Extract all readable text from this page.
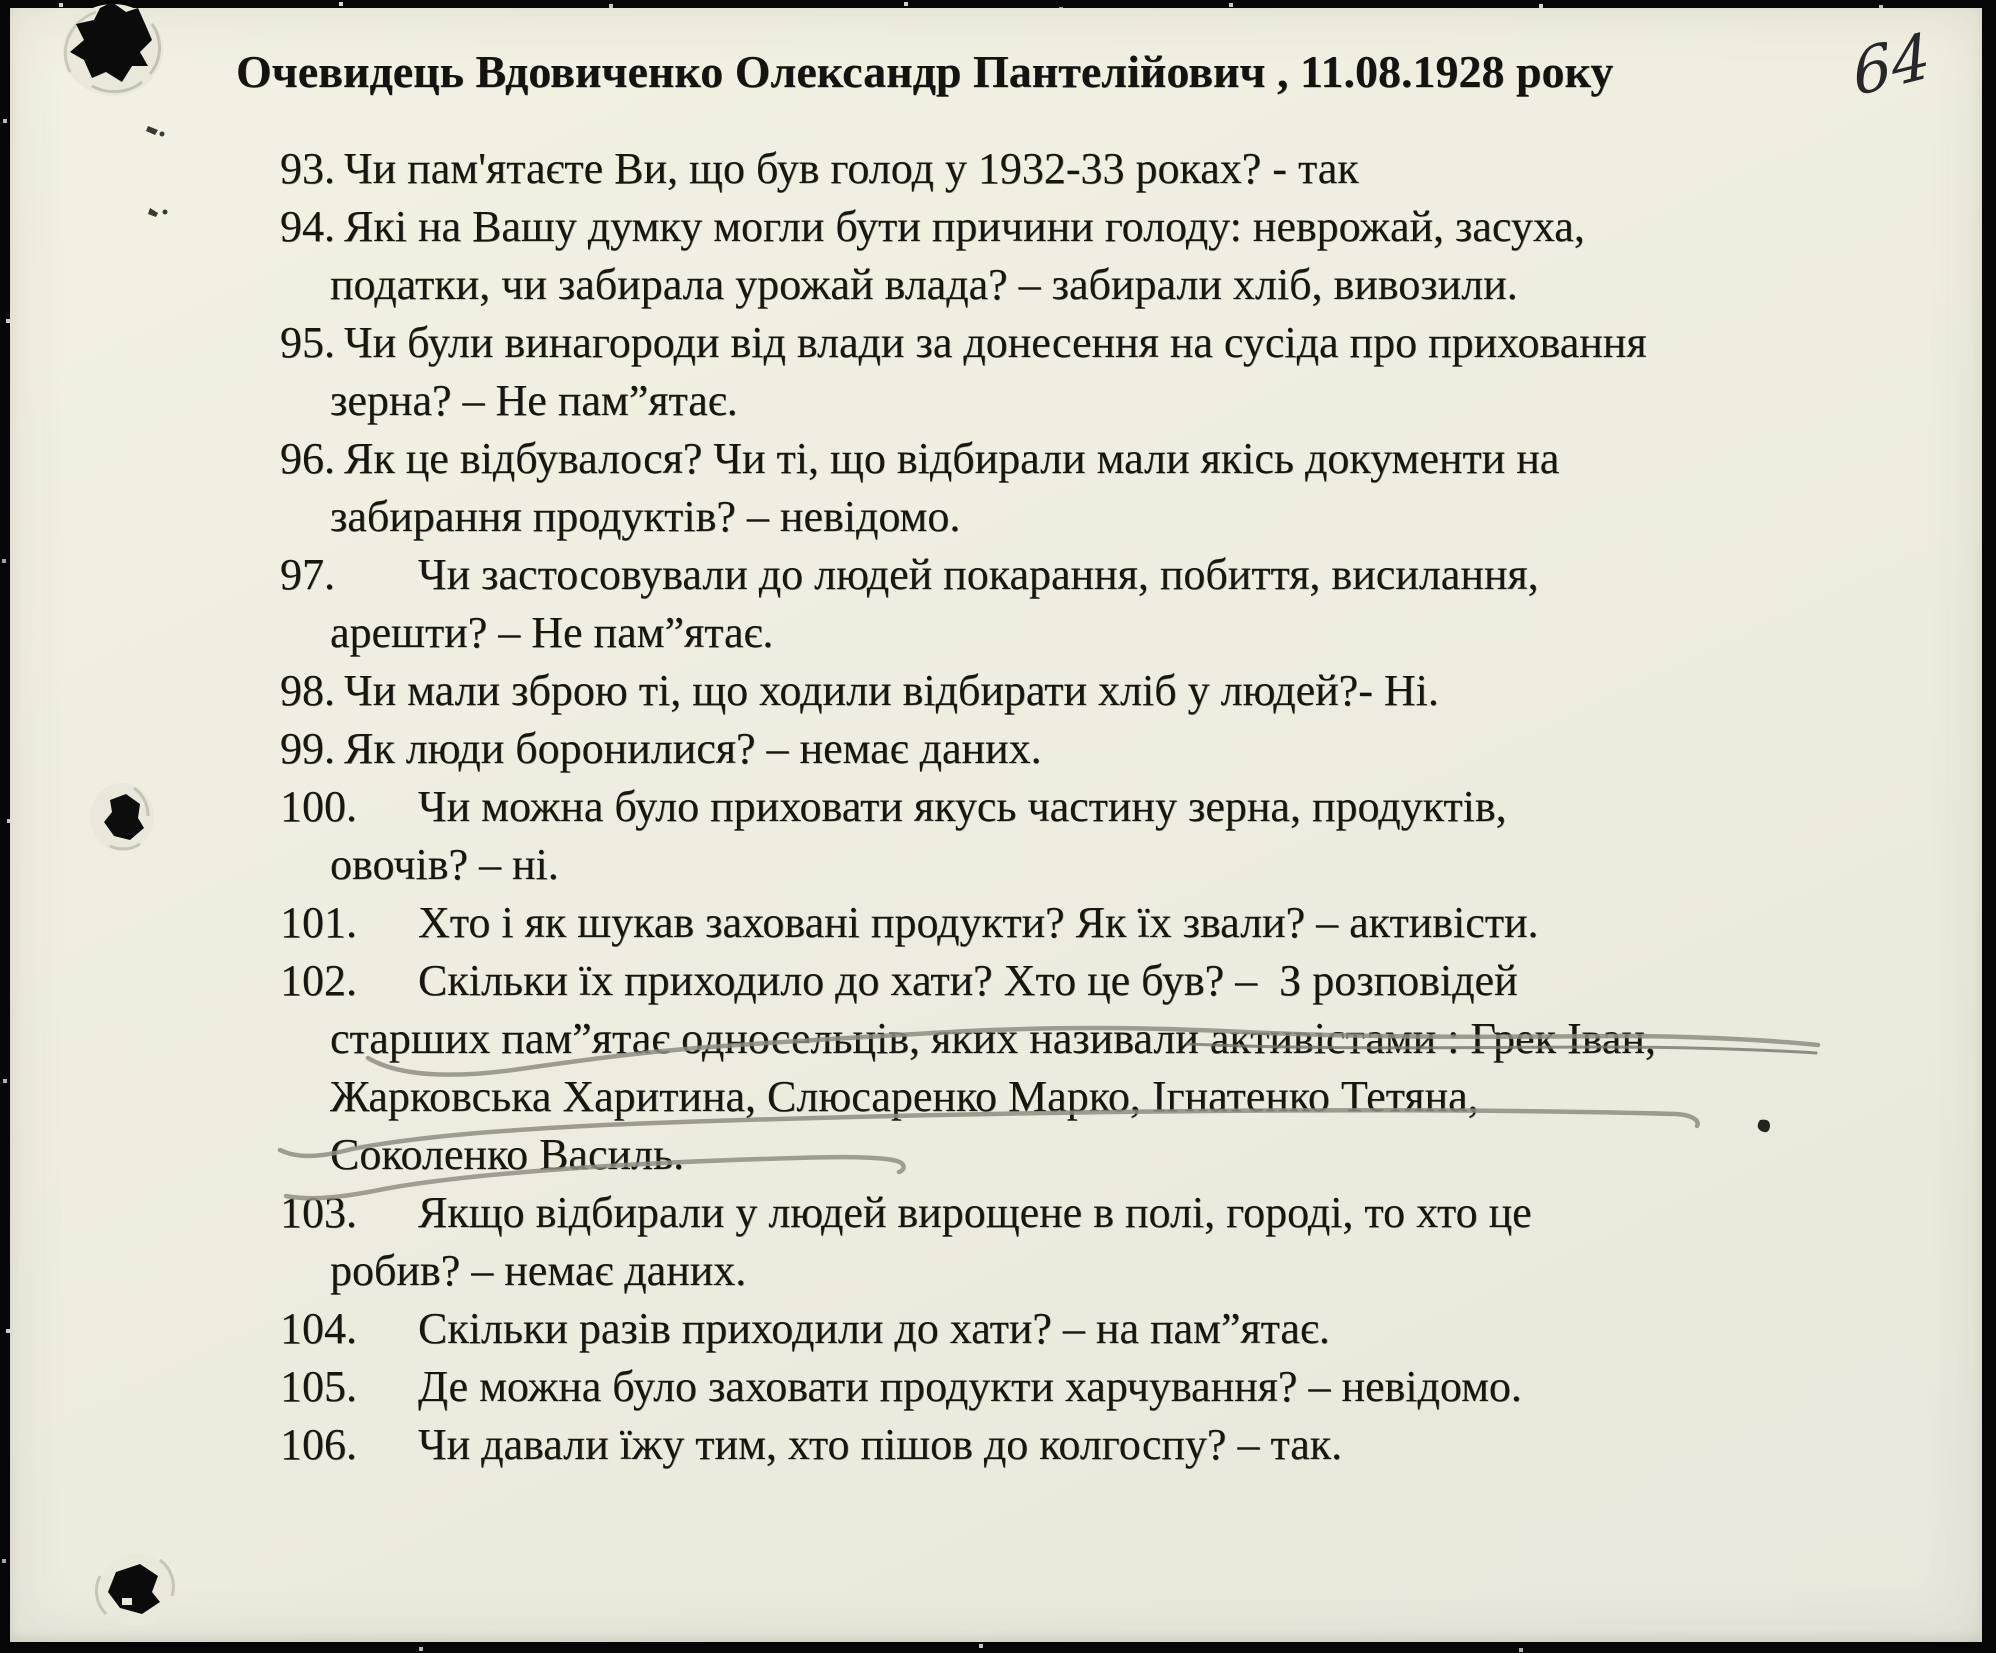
Очевидець Вдовиченко Олександр Пантелійович , 11.08.1928 року	64
93. Чи пам'ятаєте Ви, що був голод у 1932-33 роках? - так
94. Які на Вашу думку могли бути причини голоду: неврожай, засуха,
податки, чи забирала урожай влада? – забирали хліб, вивозили.
95. Чи були винагороди від влади за донесення на сусіда про приховання
зерна? – Не пам”ятає.
96. Як це відбувалося? Чи ті, що відбирали мали якісь документи на
забирання продуктів? – невідомо.
97. Чи застосовували до людей покарання, побиття, висилання,
арешти? – Не пам”ятає.
98. Чи мали зброю ті, що ходили відбирати хліб у людей?- Ні.
99. Як люди боронилися? – немає даних.
100. Чи можна було приховати якусь частину зерна, продуктів,
овочів? – ні.
101. Хто і як шукав заховані продукти? Як їх звали? – активісти.
102. Скільки їх приходило до хати? Хто це був? –  З розповідей
старших пам”ятає односельців, яких називали активістами : Грек Іван,
Жарковська Харитина, Слюсаренко Марко, Ігнатенко Тетяна,
Соколенко Василь.
103. Якщо відбирали у людей вирощене в полі, городі, то хто це
робив? – немає даних.
104. Скільки разів приходили до хати? – на пам”ятає.
105. Де можна було заховати продукти харчування? – невідомо.
106. Чи давали їжу тим, хто пішов до колгоспу? – так.
